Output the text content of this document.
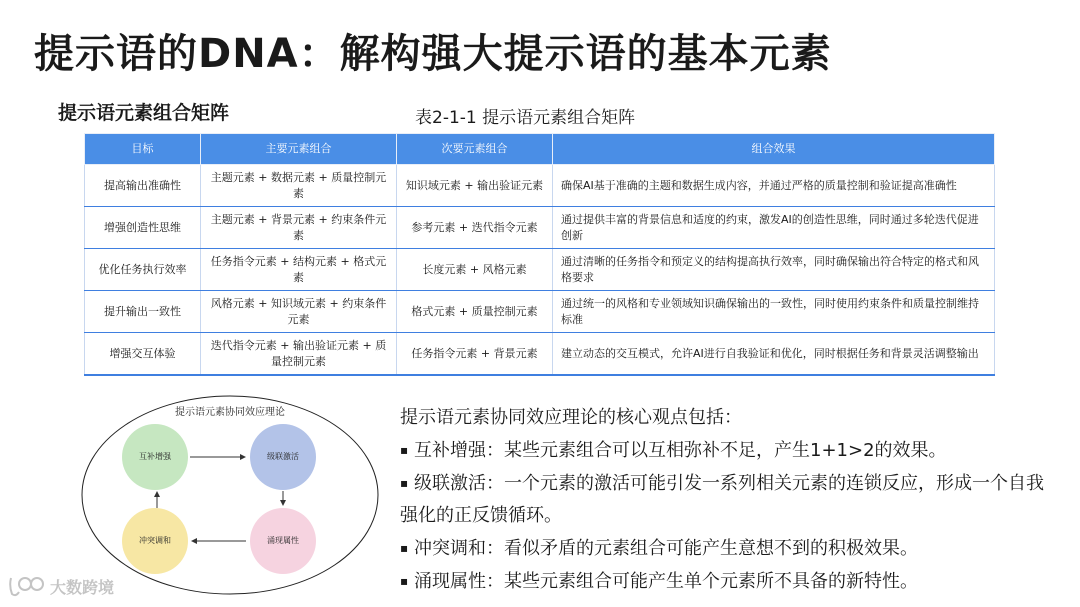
提示语的DNA：解构强大提示语的基本元素
提示语元素组合矩阵	表2-1-1 提示语元素组合矩阵
目标	主要元素组合	次要元素组合	组合效果
提高输出准确性	主题元素 + 数据元素 + 质量控制元素	知识域元素 + 输出验证元素	确保AI基于准确的主题和数据生成内容，并通过严格的质量控制和验证提高准确性
增强创造性思维	主题元素 + 背景元素 + 约束条件元素	参考元素 + 迭代指令元素	通过提供丰富的背景信息和适度的约束，激发AI的创造性思维，同时通过多轮迭代促进创新
优化任务执行效率	任务指令元素 + 结构元素 + 格式元素	长度元素 + 风格元素	通过清晰的任务指令和预定义的结构提高执行效率，同时确保输出符合特定的格式和风格要求
提升输出一致性	风格元素 + 知识域元素 + 约束条件元素	格式元素 + 质量控制元素	通过统一的风格和专业领域知识确保输出的一致性，同时使用约束条件和质量控制维持标准
增强交互体验	迭代指令元素 + 输出验证元素 + 质量控制元素	任务指令元素 + 背景元素	建立动态的交互模式，允许AI进行自我验证和优化，同时根据任务和背景灵活调整输出
提示语元素协同效应理论
互补增强	级联激活
涌现属性
冲突调和
提示语元素协同效应理论的核心观点包括：
▪ 互补增强：某些元素组合可以互相弥补不足，产生1+1>2的效果。
▪ 级联激活：一个元素的激活可能引发一系列相关元素的连锁反应，形成一个自我强化的正反馈循环。
▪ 冲突调和：看似矛盾的元素组合可能产生意想不到的积极效果。
▪ 涌现属性：某些元素组合可能产生单个元素所不具备的新特性。
大数跨境
